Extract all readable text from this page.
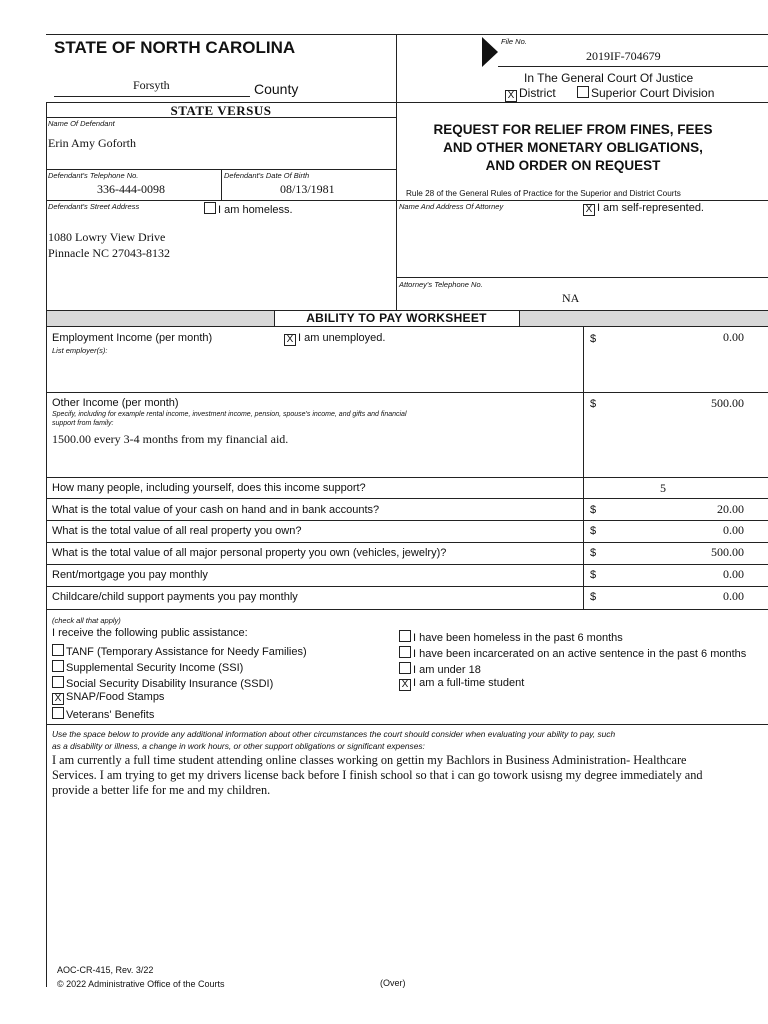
STATE OF NORTH CAROLINA	File No.
2019IF-704679
Forsyth	County
In The General Court Of Justice
X District	Superior Court Division
STATE VERSUS
Name Of Defendant
Erin Amy Goforth
Defendant's Telephone No.
336-444-0098
Defendant's Date Of Birth
08/13/1981
Defendant's Street Address	I am homeless.
1080 Lowry View Drive
Pinnacle NC 27043-8132
REQUEST FOR RELIEF FROM FINES, FEES
AND OTHER MONETARY OBLIGATIONS,
AND ORDER ON REQUEST
Rule 28 of the General Rules of Practice for the Superior and District Courts
Name And Address Of Attorney	X I am self-represented.
Attorney's Telephone No.
NA
ABILITY TO PAY WORKSHEET
Employment Income (per month)
List employer(s):
X I am unemployed.	$	0.00
Other Income (per month)
Specify, including for example rental income, investment income, pension, spouse's income, and gifts and financial
support from family:
1500.00 every 3-4 months from my financial aid.
$	500.00
How many people, including yourself, does this income support?	5
What is the total value of your cash on hand and in bank accounts?	$	20.00
What is the total value of all real property you own?	$	0.00
What is the total value of all major personal property you own (vehicles, jewelry)?	$	500.00
Rent/mortgage you pay monthly	$	0.00
Childcare/child support payments you pay monthly	$	0.00
(check all that apply)
I receive the following public assistance:
TANF (Temporary Assistance for Needy Families)
Supplemental Security Income (SSI)
Social Security Disability Insurance (SSDI)
X SNAP/Food Stamps
Veterans' Benefits
I have been homeless in the past 6 months
I have been incarcerated on an active sentence in the past 6 months
I am under 18
X I am a full-time student
Use the space below to provide any additional information about other circumstances the court should consider when evaluating your ability to pay, such
as a disability or illness, a change in work hours, or other support obligations or significant expenses:
I am currently a full time student attending online classes working on gettin my Bachlors in Business Administration- Healthcare
Services. I am trying to get my drivers license back before I finish school so that i can go towork usisng my degree immediately and
provide a better life for me and my children.
AOC-CR-415, Rev. 3/22
© 2022 Administrative Office of the Courts	(Over)
